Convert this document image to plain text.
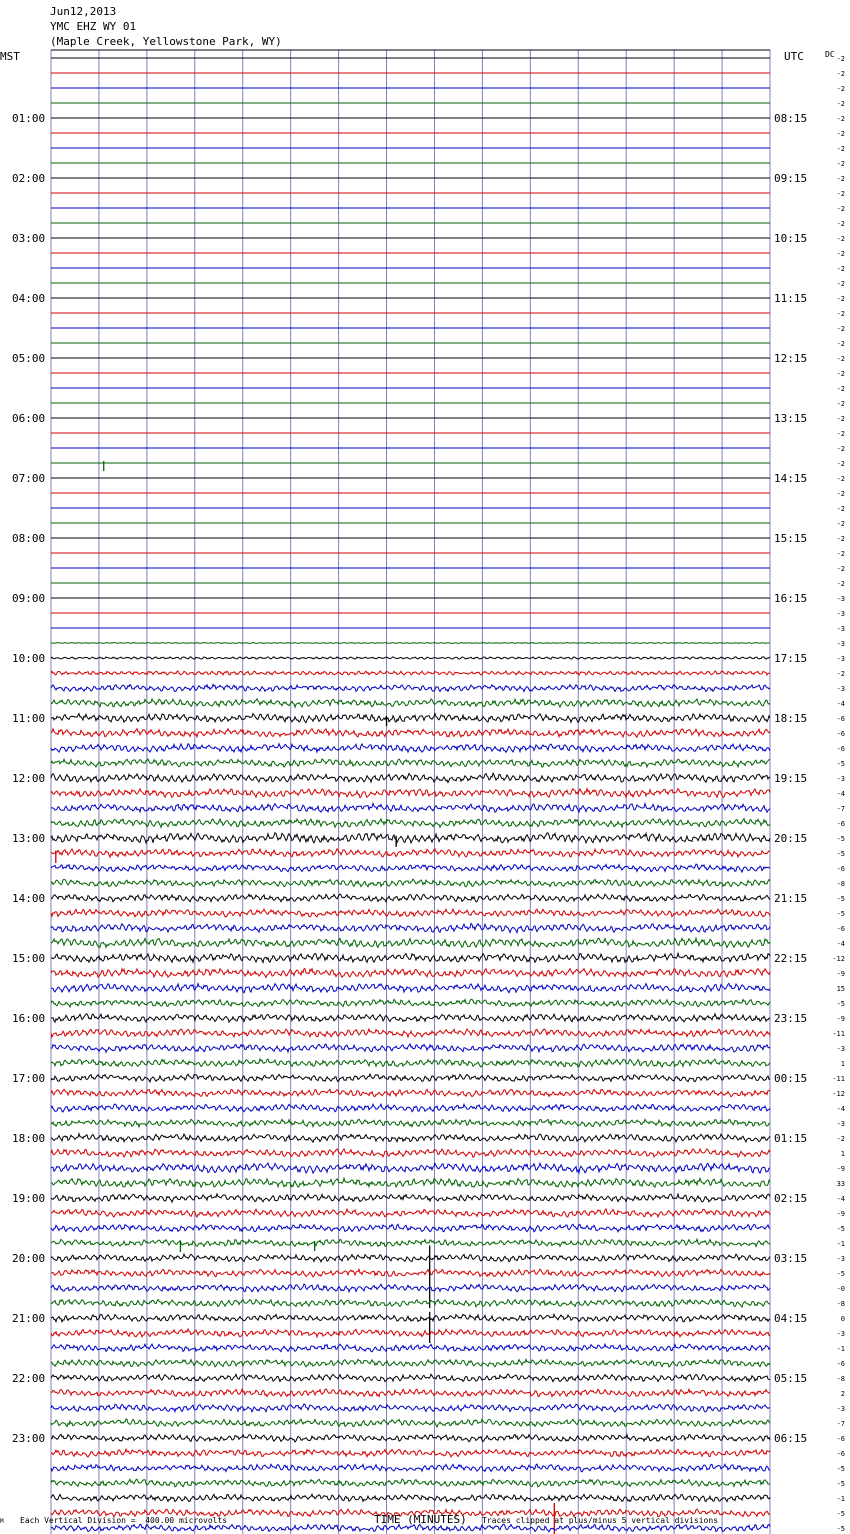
Jun12,2013
YMC EHZ WY 01
(Maple Creek, Yellowstone Park, WY)
MST	UTC	DC
01:00
02:00
03:00
04:00
05:00
06:00
07:00
08:00
09:00
10:00
11:00
12:00
13:00
14:00
15:00
16:00
17:00
18:00
19:00
20:00
21:00
22:00
23:00
08:15
09:15
10:15
11:15
12:15
13:15
14:15
15:15
16:15
17:15
18:15
19:15
20:15
21:15
22:15
23:15
00:15
01:15
02:15
03:15
04:15
05:15
06:15
-2
-2
-2
-2
-2
-2
-2
-2
-2
-2
-2
-2
-2
-2
-2
-2
-2
-2
-2
-2
-2
-2
-2
-2
-2
-2
-2
-2
-2
-2
-2
-2
-2
-2
-2
-2
-3
-3
-3
-3
-3
-2
-3
-4
-6
-6
-6
-5
-3
-4
-7
-6
-5
-5
-6
-8
-5
-5
-6
-4
-12
-9
15
-5
-9
-11
-3
1
-11
-12
-4
-3
-2
1
-9
33
-4
-9
-5
-1
-3
-5
-0
-8
0
-3
-1
-6
-8
2
-3
-7
-6
-6
-5
-5
-1
-5
-5
M Each Vertical Division =  400.00 microvolts	TIME (MINUTES) Traces clipped at plus/minus 5 vertical divisions
